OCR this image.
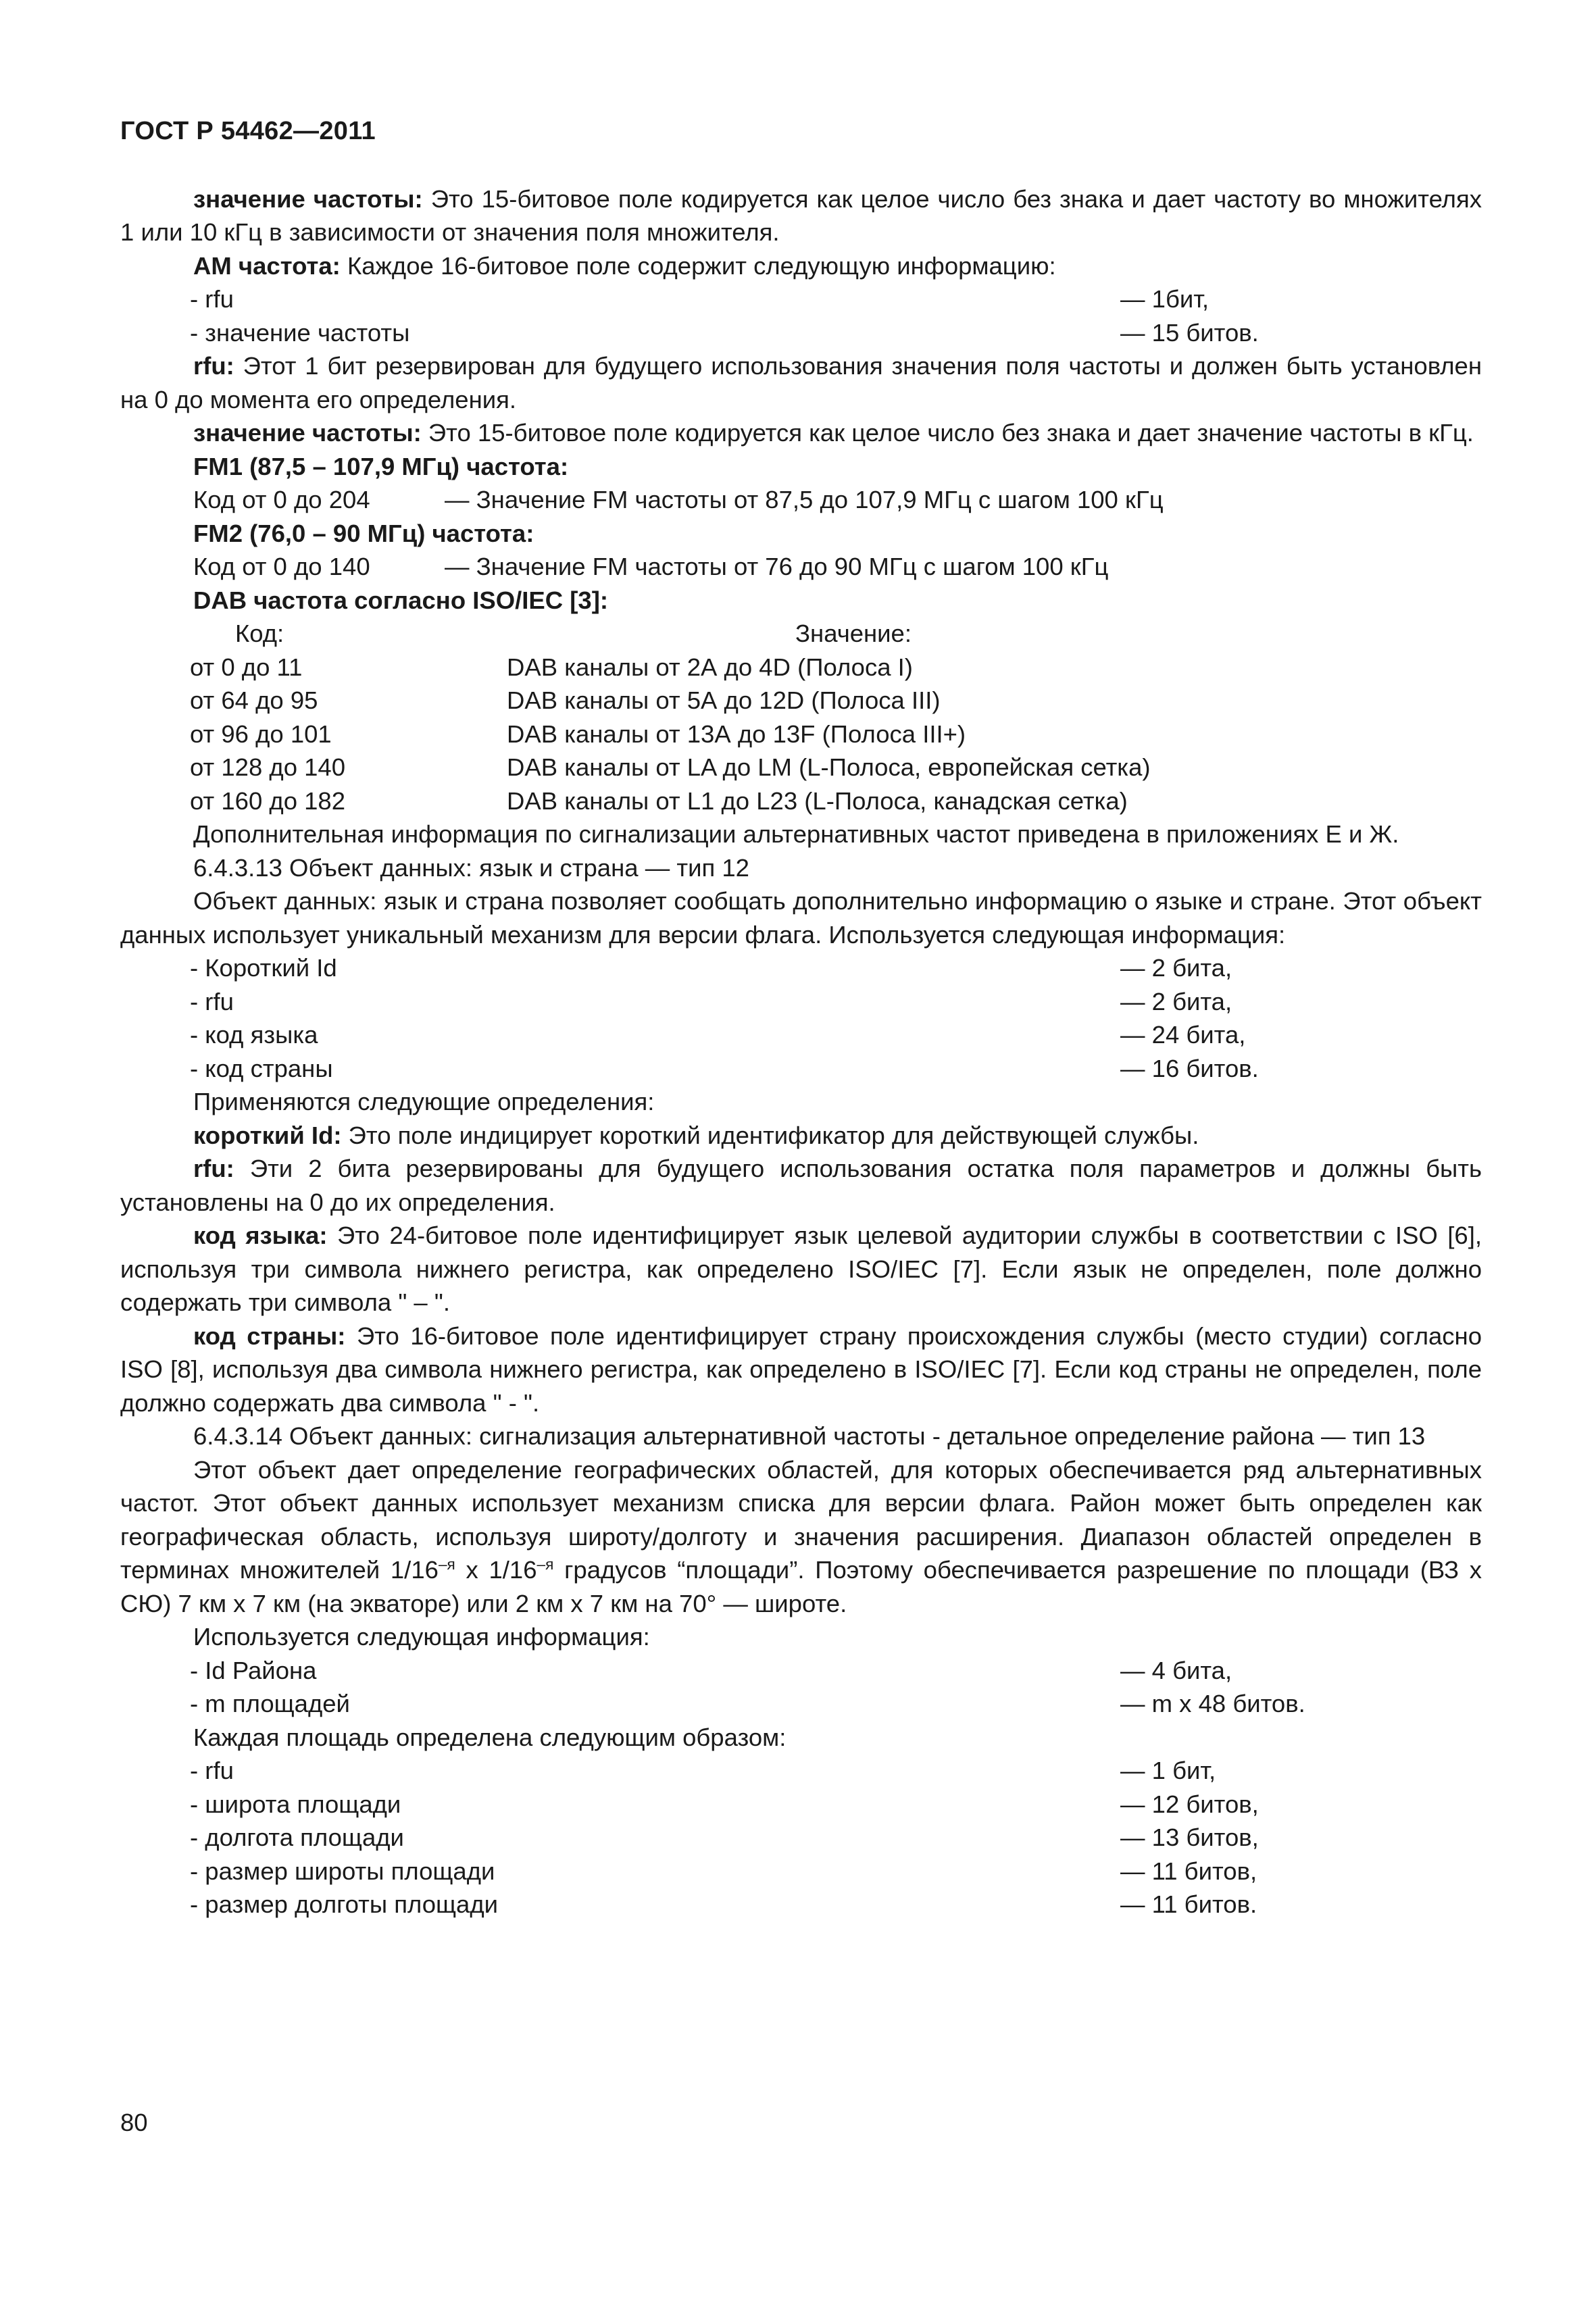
ГОСТ Р 54462—2011
значение частоты: Это 15-битовое поле кодируется как целое число без знака и дает частоту во множителях 1 или 10 кГц в зависимости от значения поля множителя.
АМ частота: Каждое 16-битовое поле содержит следующую информацию:
- rfu	— 1бит,
- значение частоты	— 15 битов.
rfu: Этот 1 бит резервирован для будущего использования значения поля частоты и должен быть установлен на 0 до момента его определения.
значение частоты: Это 15-битовое поле кодируется как целое число без знака и дает значение частоты в кГц.
FM1 (87,5 – 107,9 МГц) частота:
Код от 0 до 204	— Значение FM частоты от 87,5 до 107,9 МГц с шагом 100 кГц
FM2 (76,0 – 90 МГц) частота:
Код от 0 до 140	— Значение FM частоты от 76 до 90 МГц с шагом 100 кГц
DAB частота согласно ISO/IEC [3]:
Код:	Значение:
от 0 до 11	DAB каналы от 2А до 4D (Полоса I)
от 64 до 95	DAB каналы от 5А до 12D (Полоса III)
от 96 до 101	DAB каналы от 13А до 13F (Полоса III+)
от 128 до 140	DAB каналы от LA до LM (L-Полоса, европейская сетка)
от 160 до 182	DAB каналы от L1 до L23 (L-Полоса, канадская сетка)
Дополнительная информация по сигнализации альтернативных частот приведена в приложениях Е и Ж.
6.4.3.13 Объект данных: язык и страна — тип 12
Объект данных: язык и страна позволяет сообщать дополнительно информацию о языке и стране. Этот объект данных использует уникальный механизм для версии флага. Используется следующая информация:
- Короткий Id	— 2 бита,
- rfu	— 2 бита,
- код языка	— 24 бита,
- код страны	— 16 битов.
Применяются следующие определения:
короткий Id: Это поле индицирует короткий идентификатор для действующей службы.
rfu: Эти 2 бита резервированы для будущего использования остатка поля параметров и должны быть установлены на 0 до их определения.
код языка: Это 24-битовое поле идентифицирует язык целевой аудитории службы в соответствии с ISO [6], используя три символа нижнего регистра, как определено ISO/IEC [7]. Если язык не определен, поле должно содержать три символа " – ".
код страны: Это 16-битовое поле идентифицирует страну происхождения службы (место студии) согласно ISO [8], используя два символа нижнего регистра, как определено в ISO/IEC [7]. Если код страны не определен, поле должно содержать два символа " - ".
6.4.3.14 Объект данных: сигнализация альтернативной частоты - детальное определение района — тип 13
Этот объект дает определение географических областей, для которых обеспечивается ряд альтернативных частот. Этот объект данных использует механизм списка для версии флага. Район может быть определен как географическая область, используя широту/долготу и значения расширения. Диапазон областей определен в терминах множителей $1/16^{-я}$ х $1/16^{-я}$ градусов “площади”. Поэтому обеспечивается разрешение по площади (ВЗ х СЮ) 7 км х 7 км (на экваторе) или 2 км х 7 км на 70° — широте.
Используется следующая информация:
- Id Района	— 4 бита,
- m площадей	— m х 48 битов.
Каждая площадь определена следующим образом:
- rfu	— 1 бит,
- широта площади	— 12 битов,
- долгота площади	— 13 битов,
- размер широты площади	— 11 битов,
- размер долготы площади	— 11 битов.
80
